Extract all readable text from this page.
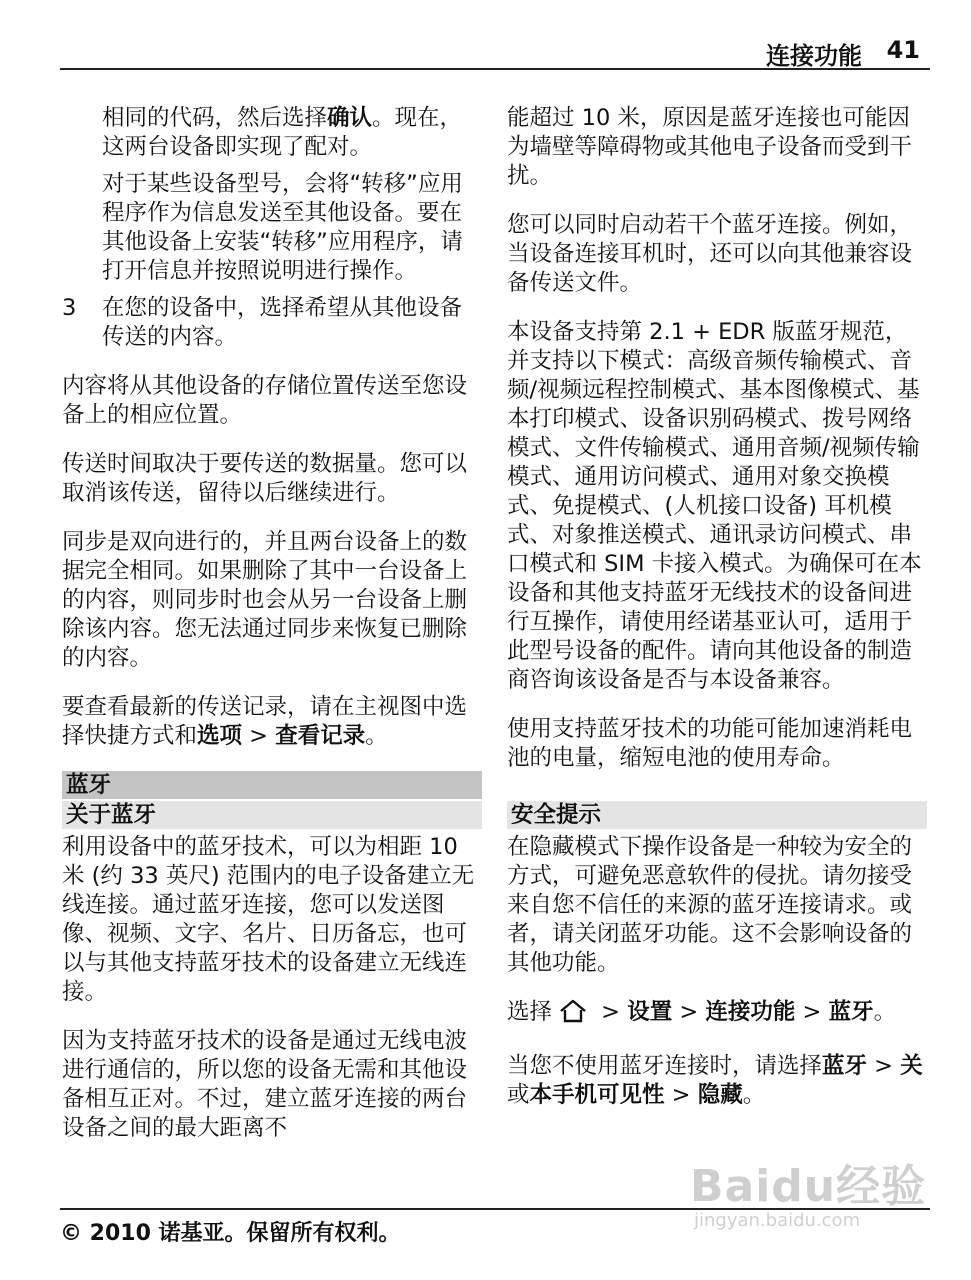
连接功能 41

相同的代码，然后选择确认。现在，这两台设备即实现了配对。

对于某些设备型号，会将“转移”应用程序作为信息发送至其他设备。要在其他设备上安装“转移”应用程序，请打开信息并按照说明进行操作。

3	在您的设备中，选择希望从其他设备传送的内容。

内容将从其他设备的存储位置传送至您设备上的相应位置。

传送时间取决于要传送的数据量。您可以取消该传送，留待以后继续进行。

同步是双向进行的，并且两台设备上的数据完全相同。如果删除了其中一台设备上的内容，则同步时也会从另一台设备上删除该内容。您无法通过同步来恢复已删除的内容。

要查看最新的传送记录，请在主视图中选择快捷方式和选项 > 查看记录。

蓝牙
关于蓝牙

利用设备中的蓝牙技术，可以为相距 10 米 (约 33 英尺) 范围内的电子设备建立无线连接。通过蓝牙连接，您可以发送图像、视频、文字、名片、日历备忘，也可以与其他支持蓝牙技术的设备建立无线连接。

因为支持蓝牙技术的设备是通过无线电波进行通信的，所以您的设备无需和其他设备相互正对。不过，建立蓝牙连接的两台设备之间的最大距离不

能超过 10 米，原因是蓝牙连接也可能因为墙壁等障碍物或其他电子设备而受到干扰。

您可以同时启动若干个蓝牙连接。例如，当设备连接耳机时，还可以向其他兼容设备传送文件。

本设备支持第 2.1 + EDR 版蓝牙规范，并支持以下模式：高级音频传输模式、音频/视频远程控制模式、基本图像模式、基本打印模式、设备识别码模式、拨号网络模式、文件传输模式、通用音频/视频传输模式、通用访问模式、通用对象交换模式、免提模式、(人机接口设备) 耳机模式、对象推送模式、通讯录访问模式、串口模式和 SIM 卡接入模式。为确保可在本设备和其他支持蓝牙无线技术的设备间进行互操作，请使用经诺基亚认可，适用于此型号设备的配件。请向其他设备的制造商咨询该设备是否与本设备兼容。

使用支持蓝牙技术的功能可能加速消耗电池的电量，缩短电池的使用寿命。

安全提示

在隐藏模式下操作设备是一种较为安全的方式，可避免恶意软件的侵扰。请勿接受来自您不信任的来源的蓝牙连接请求。或者，请关闭蓝牙功能。这不会影响设备的其他功能。

选择 > 设置 > 连接功能 > 蓝牙。

当您不使用蓝牙连接时，请选择蓝牙 > 关或本手机可见性 > 隐藏。

Baidu经验
jingyan.baidu.com
© 2010 诺基亚。保留所有权利。
